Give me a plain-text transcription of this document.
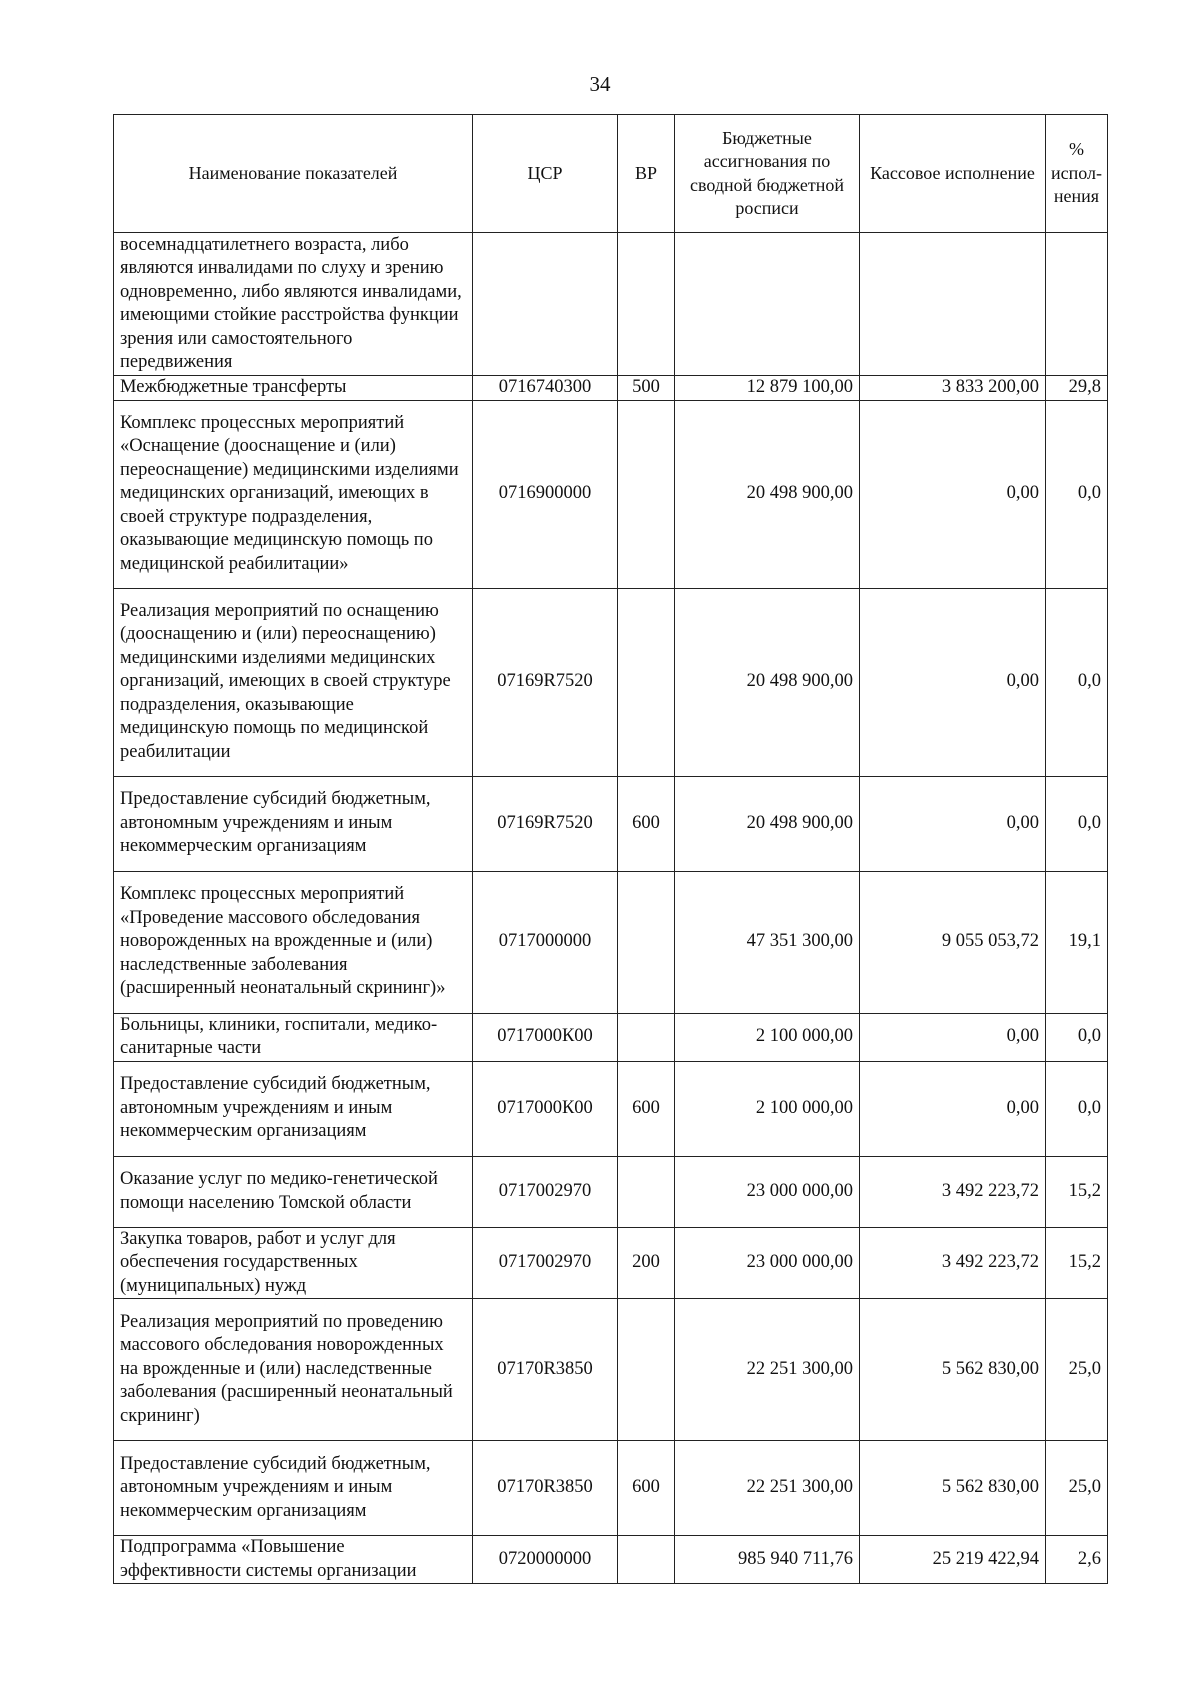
34
Наименование показателей	ЦСР	ВР	Бюджетные ассигнования по сводной бюджетной росписи	Кассовое исполнение	% испол-нения
восемнадцатилетнего возраста, либо являются инвалидами по слуху и зрению одновременно, либо являются инвалидами, имеющими стойкие расстройства функции зрения или самостоятельного передвижения					
Межбюджетные трансферты	0716740300	500	12 879 100,00	3 833 200,00	29,8
Комплекс процессных мероприятий «Оснащение (дооснащение и (или) переоснащение) медицинскими изделиями медицинских организаций, имеющих в своей структуре подразделения, оказывающие медицинскую помощь по медицинской реабилитации»	0716900000		20 498 900,00	0,00	0,0
Реализация мероприятий по оснащению (дооснащению и (или) переоснащению) медицинскими изделиями медицинских организаций, имеющих в своей структуре подразделения, оказывающие медицинскую помощь по медицинской реабилитации	07169R7520		20 498 900,00	0,00	0,0
Предоставление субсидий бюджетным, автономным учреждениям и иным некоммерческим организациям	07169R7520	600	20 498 900,00	0,00	0,0
Комплекс процессных мероприятий «Проведение массового обследования новорожденных на врожденные и (или) наследственные заболевания (расширенный неонатальный скрининг)»	0717000000		47 351 300,00	9 055 053,72	19,1
Больницы, клиники, госпитали, медико-санитарные части	0717000К00		2 100 000,00	0,00	0,0
Предоставление субсидий бюджетным, автономным учреждениям и иным некоммерческим организациям	0717000К00	600	2 100 000,00	0,00	0,0
Оказание услуг по медико-генетической помощи населению Томской области	0717002970		23 000 000,00	3 492 223,72	15,2
Закупка товаров, работ и услуг для обеспечения государственных (муниципальных) нужд	0717002970	200	23 000 000,00	3 492 223,72	15,2
Реализация мероприятий по проведению массового обследования новорожденных на врожденные и (или) наследственные заболевания (расширенный неонатальный скрининг)	07170R3850		22 251 300,00	5 562 830,00	25,0
Предоставление субсидий бюджетным, автономным учреждениям и иным некоммерческим организациям	07170R3850	600	22 251 300,00	5 562 830,00	25,0
Подпрограмма «Повышение эффективности системы организации	0720000000		985 940 711,76	25 219 422,94	2,6
